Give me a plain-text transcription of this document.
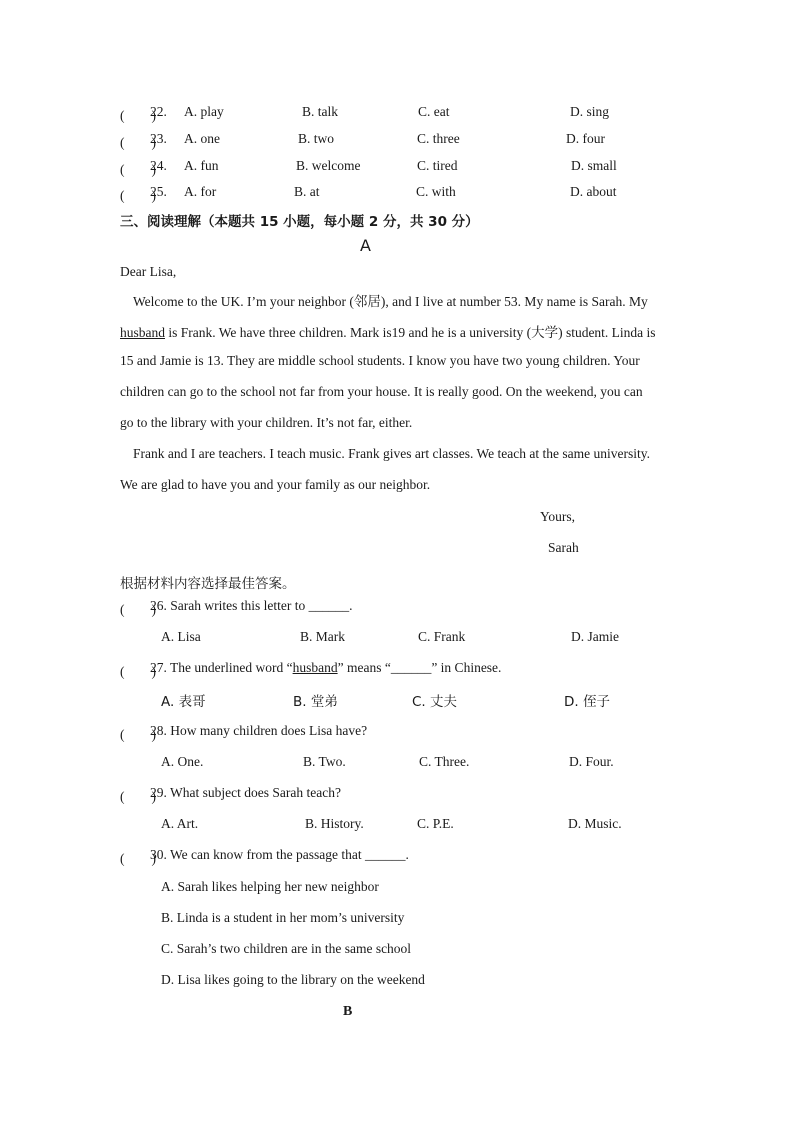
(　　)
22. A. play	B. talk	C. eat	D. sing
(　　)
23. A. one	B. two	C. three	D. four
(　　)
24. A. fun	B. welcome	C. tired	D. small
(　　)
25. A. for	B. at	C. with	D. about
三、阅读理解（本题共 15 小题，每小题 2 分，共 30 分）
A
Dear Lisa,
Welcome to the UK. I’m your neighbor (邻居), and I live at number 53. My name is Sarah. My
husband is Frank. We have three children. Mark is19 and he is a university (大学) student. Linda is
15 and Jamie is 13. They are middle school students. I know you have two young children. Your
children can go to the school not far from your house. It is really good. On the weekend, you can
go to the library with your children. It’s not far, either.
Frank and I are teachers. I teach music. Frank gives art classes. We teach at the same university.
We are glad to have you and your family as our neighbor.
Yours,
Sarah
根据材料内容选择最佳答案。
(　　)
26. Sarah writes this letter to ______.
A. Lisa	B. Mark	C. Frank	D. Jamie
(　　)
27. The underlined word “husband” means “______” in Chinese.
A. 表哥	B. 堂弟	C. 丈夫	D. 侄子
(　　)
28. How many children does Lisa have?
A. One.	B. Two.	C. Three.	D. Four.
(　　)
29. What subject does Sarah teach?
A. Art.	B. History.	C. P.E.	D. Music.
(　　)
30. We can know from the passage that ______.
A. Sarah likes helping her new neighbor
B. Linda is a student in her mom’s university
C. Sarah’s two children are in the same school
D. Lisa likes going to the library on the weekend
B
